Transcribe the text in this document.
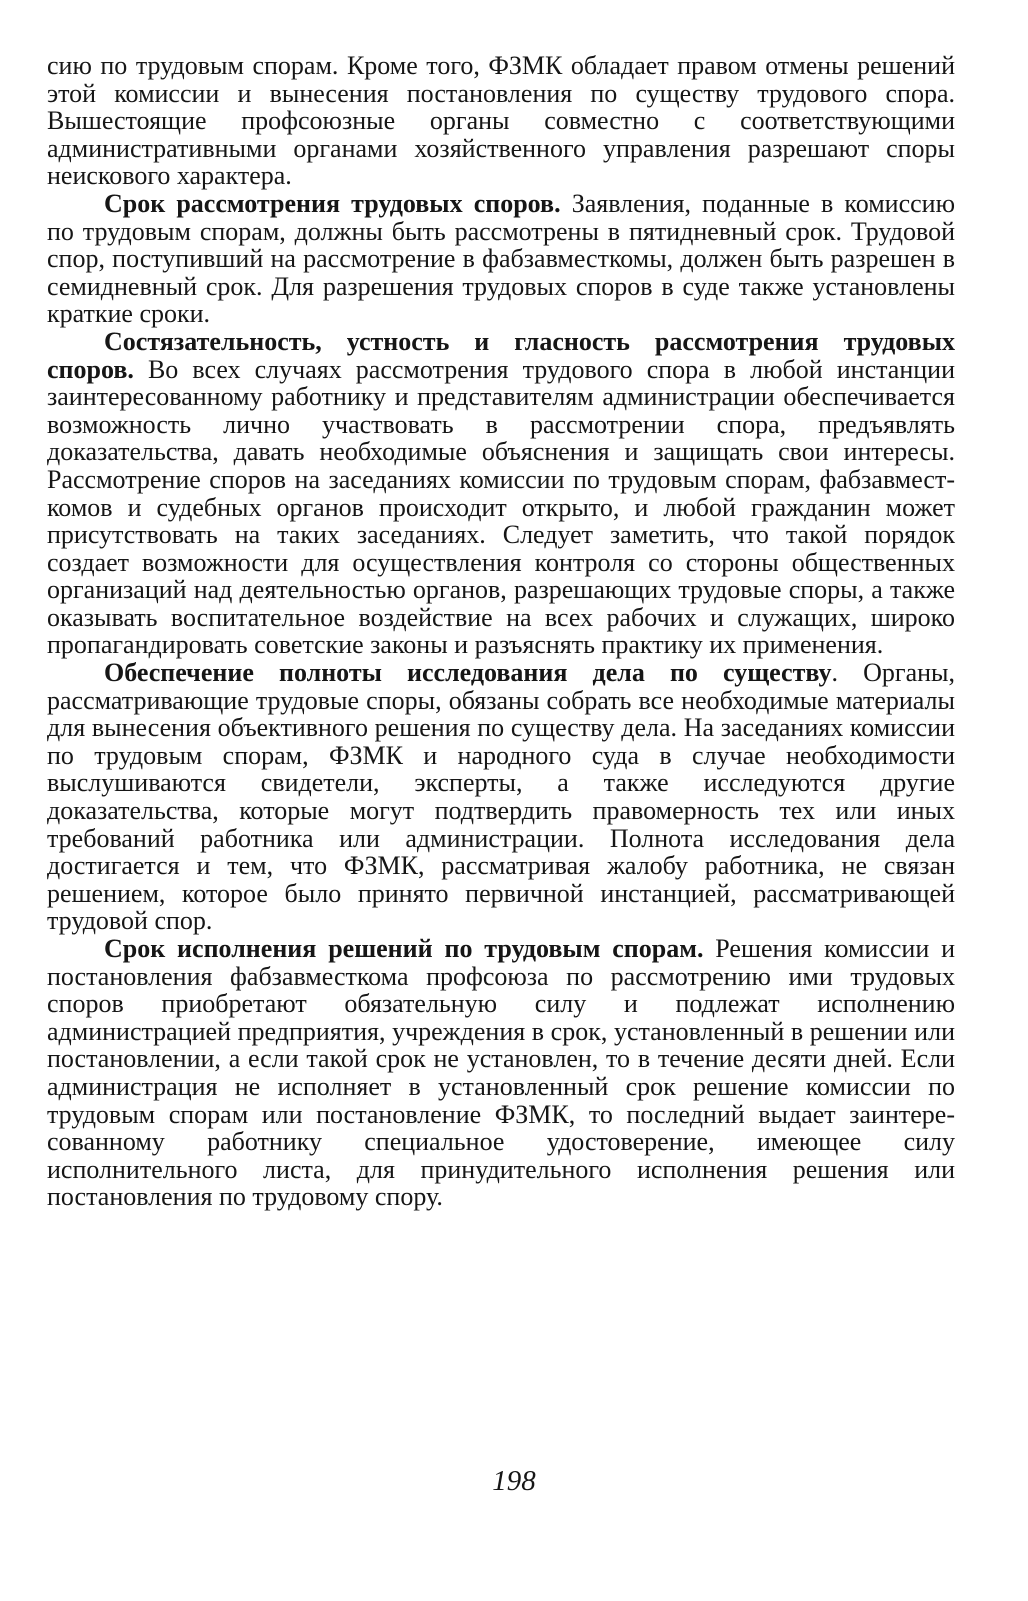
сию по трудовым спорам. Кроме того, ФЗМК обладает правом отмены решений этой комиссии и вынесения постановления по существу трудового спора. Вышестоящие профсоюзные органы совместно с соответствующими административными органами хозяйственного управления разрешают споры неискового характера.

Срок рассмотрения трудовых споров. Заявления, поданные в комиссию по трудовым спорам, должны быть рассмотрены в пятидневный срок. Трудовой спор, поступивший на рассмотрение в фабзавместкомы, должен быть разрешен в семидневный срок. Для разрешения трудовых споров в суде также установлены краткие сроки.

Состязательность, устность и гласность рассмотрения трудовых споров. Во всех случаях рассмотрения трудового спора в любой инстанции заинтересованному работнику и представителям администрации обеспечивается возможность лично участвовать в рассмотрении спора, предъявлять доказательства, давать необходимые объяснения и защищать свои интересы. Рассмотрение споров на заседаниях комиссии по трудовым спорам, фабзавместкомов и судебных органов происходит открыто, и любой гражданин может присутствовать на таких заседаниях. Следует заметить, что такой порядок создает возможности для осуществления контроля со стороны общественных организаций над деятельностью органов, разрешающих трудовые споры, а также оказывать воспитательное воздействие на всех рабочих и служащих, широко пропагандировать советские законы и разъяснять практику их применения.

Обеспечение полноты исследования дела по существу. Органы, рассматривающие трудовые споры, обязаны собрать все необходимые материалы для вынесения объективного решения по существу дела. На заседаниях комиссии по трудовым спорам, ФЗМК и народного суда в случае необходимости выслушиваются свидетели, эксперты, а также исследуются другие доказательства, которые могут подтвердить правомерность тех или иных требований работника или администрации. Полнота исследования дела достигается и тем, что ФЗМК, рассматривая жалобу работника, не связан решением, которое было принято первичной инстанцией, рассматривающей трудовой спор.

Срок исполнения решений по трудовым спорам. Решения комиссии и постановления фабзавместкома профсоюза по рассмотрению ими трудовых споров приобретают обязательную силу и подлежат исполнению администрацией предприятия, учреждения в срок, установленный в решении или постановлении, а если такой срок не установлен, то в течение десяти дней. Если администрация не исполняет в установленный срок решение комиссии по трудовым спорам или постановление ФЗМК, то последний выдает заинтересованному работнику специальное удостоверение, имеющее силу исполнительного листа, для принудительного исполнения решения или постановления по трудовому спору.

198
